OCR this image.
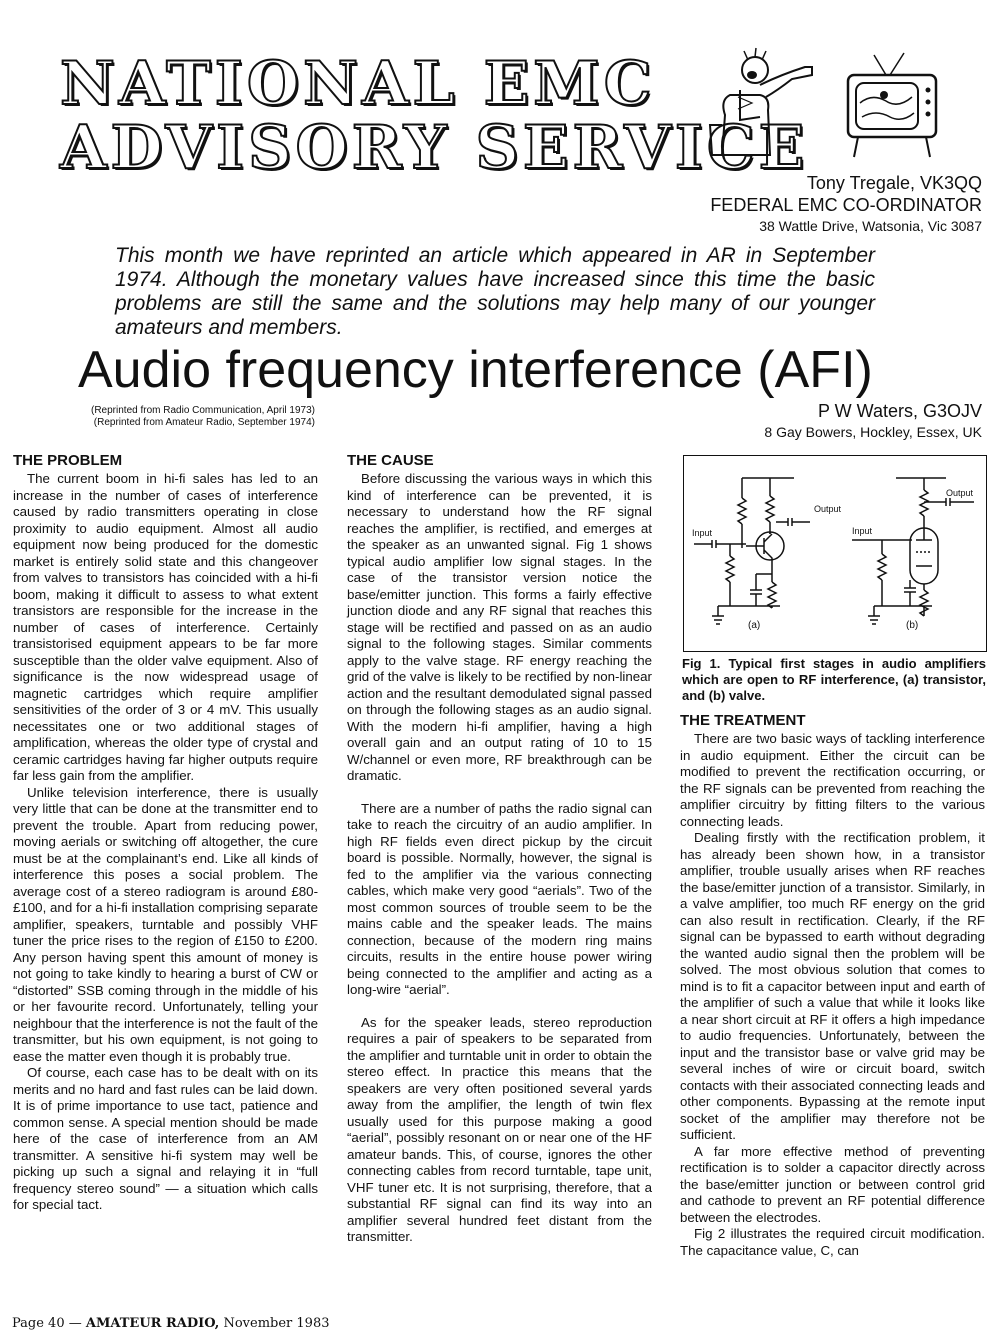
NATIONAL EMC
ADVISORY SERVICE
Tony Tregale, VK3QQ
FEDERAL EMC CO-ORDINATOR
38 Wattle Drive, Watsonia, Vic 3087
This month we have reprinted an article which appeared in AR in September 1974. Although the monetary values have increased since this time the basic problems are still the same and the solutions may help many of our younger amateurs and members.
Audio frequency interference (AFI)
(Reprinted from Radio Communication, April 1973)
(Reprinted from Amateur Radio, September 1974)
P W Waters, G3OJV
8 Gay Bowers, Hockley, Essex, UK
THE PROBLEM

The current boom in hi-fi sales has led to an increase in the number of cases of interference caused by radio transmitters operating in close proximity to audio equipment. Almost all audio equipment now being produced for the domestic market is entirely solid state and this changeover from valves to transistors has coincided with a hi-fi boom, making it difficult to assess to what extent transistors are responsible for the increase in the number of cases of interference. Certainly transistorised equipment appears to be far more susceptible than the older valve equipment. Also of significance is the now widespread usage of magnetic cartridges which require amplifier sensitivities of the order of 3 or 4 mV. This usually necessitates one or two additional stages of amplification, whereas the older type of crystal and ceramic cartridges having far higher outputs require far less gain from the amplifier.

Unlike television interference, there is usually very little that can be done at the transmitter end to prevent the trouble. Apart from reducing power, moving aerials or switching off altogether, the cure must be at the complainant’s end. Like all kinds of interference this poses a social problem. The average cost of a stereo radiogram is around £80-£100, and for a hi-fi installation comprising separate amplifier, speakers, turntable and possibly VHF tuner the price rises to the region of £150 to £200. Any person having spent this amount of money is not going to take kindly to hearing a burst of CW or “distorted” SSB coming through in the middle of his or her favourite record. Unfortunately, telling your neighbour that the interference is not the fault of the transmitter, but his own equipment, is not going to ease the matter even though it is probably true.

Of course, each case has to be dealt with on its merits and no hard and fast rules can be laid down. It is of prime importance to use tact, patience and common sense. A special mention should be made here of the case of interference from an AM transmitter. A sensitive hi-fi system may well be picking up such a signal and relaying it in “full frequency stereo sound” — a situation which calls for special tact.

THE CAUSE

Before discussing the various ways in which this kind of interference can be prevented, it is necessary to understand how the RF signal reaches the amplifier, is rectified, and emerges at the speaker as an unwanted signal. Fig 1 shows typical audio amplifier low signal stages. In the case of the transistor version notice the base/emitter junction. This forms a fairly effective junction diode and any RF signal that reaches this stage will be rectified and passed on as an audio signal to the following stages. Similar comments apply to the valve stage. RF energy reaching the grid of the valve is likely to be rectified by non-linear action and the resultant demodulated signal passed on through the following stages as an audio signal. With the modern hi-fi amplifier, having a high overall gain and an output rating of 10 to 15 W/channel or even more, RF breakthrough can be dramatic.

There are a number of paths the radio signal can take to reach the circuitry of an audio amplifier. In high RF fields even direct pickup by the circuit board is possible. Normally, however, the signal is fed to the amplifier via the various connecting cables, which make very good “aerials”. Two of the most common sources of trouble seem to be the mains cable and the speaker leads. The mains connection, because of the modern ring mains circuits, results in the entire house power wiring being connected to the amplifier and acting as a long-wire “aerial”.

As for the speaker leads, stereo reproduction requires a pair of speakers to be separated from the amplifier and turntable unit in order to obtain the stereo effect. In practice this means that the speakers are very often positioned several yards away from the amplifier, the length of twin flex usually used for this purpose making a good “aerial”, possibly resonant on or near one of the HF amateur bands. This, of course, ignores the other connecting cables from record turntable, tape unit, VHF tuner etc. It is not surprising, therefore, that a substantial RF signal can find its way into an amplifier several hundred feet distant from the transmitter.

Input
Output
Input
Output
(a)	(b)
Fig 1. Typical first stages in audio amplifiers which are open to RF interference, (a) transistor, and (b) valve.
THE TREATMENT

There are two basic ways of tackling interference in audio equipment. Either the circuit can be modified to prevent the rectification occurring, or the RF signals can be prevented from reaching the amplifier circuitry by fitting filters to the various connecting leads.

Dealing firstly with the rectification problem, it has already been shown how, in a transistor amplifier, trouble usually arises when RF reaches the base/emitter junction of a transistor. Similarly, in a valve amplifier, too much RF energy on the grid can also result in rectification. Clearly, if the RF signal can be bypassed to earth without degrading the wanted audio signal then the problem will be solved. The most obvious solution that comes to mind is to fit a capacitor between input and earth of the amplifier of such a value that while it looks like a near short circuit at RF it offers a high impedance to audio frequencies. Unfortunately, between the input and the transistor base or valve grid may be several inches of wire or circuit board, switch contacts with their associated connecting leads and other components. Bypassing at the remote input socket of the amplifier may therefore not be sufficient.

A far more effective method of preventing rectification is to solder a capacitor directly across the base/emitter junction or between control grid and cathode to prevent an RF potential difference between the electrodes.

Fig 2 illustrates the required circuit modification. The capacitance value, C, can

Page 40 — AMATEUR RADIO, November 1983
